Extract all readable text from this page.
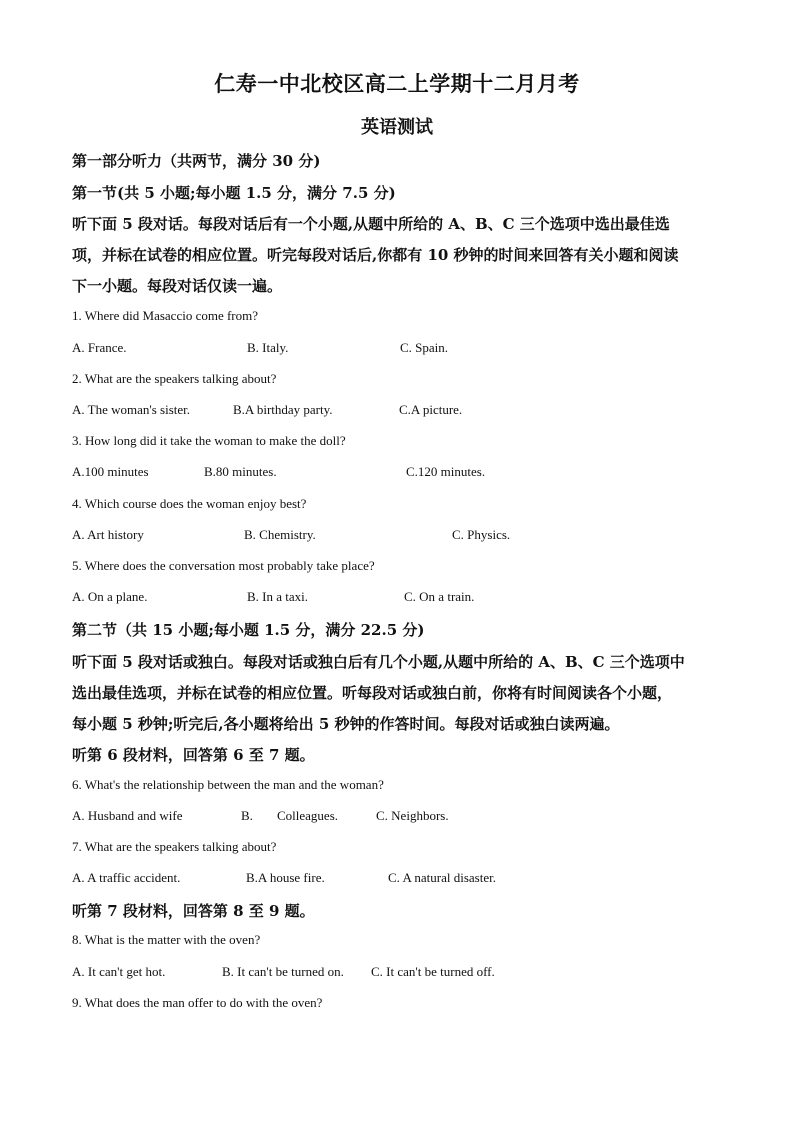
仁寿一中北校区高二上学期十二月月考
英语测试
第一部分听力（共两节，满分 30 分)
第一节(共 5 小题;每小题 1.5 分，满分 7.5 分)
听下面 5 段对话。每段对话后有一个小题,从题中所给的 A、B、C 三个选项中选出最佳选
项，并标在试卷的相应位置。听完每段对话后,你都有 10 秒钟的时间来回答有关小题和阅读
下一小题。每段对话仅读一遍。
1. Where did Masaccio come from?
A. France.	B. Italy.	C. Spain.
2. What are the speakers talking about?
A. The woman's sister.	B.A birthday party.	C.A picture.
3. How long did it take the woman to make the doll?
A.100 minutes	B.80 minutes.	C.120 minutes.
4. Which course does the woman enjoy best?
A. Art history	B. Chemistry.	C. Physics.
5. Where does the conversation most probably take place?
A. On a plane.	B. In a taxi.	C. On a train.
第二节（共 15 小题;每小题 1.5 分，满分 22.5 分)
听下面 5 段对话或独白。每段对话或独白后有几个小题,从题中所给的 A、B、C 三个选项中
选出最佳选项，并标在试卷的相应位置。听每段对话或独白前，你将有时间阅读各个小题，
每小题 5 秒钟;听完后,各小题将给出 5 秒钟的作答时间。每段对话或独白读两遍。
听第 6 段材料，回答第 6 至 7 题。
6. What's the relationship between the man and the woman?
A. Husband and wife	B. Colleagues.	C. Neighbors.
7. What are the speakers talking about?
A. A traffic accident.	B.A house fire.	C. A natural disaster.
听第 7 段材料，回答第 8 至 9 题。
8. What is the matter with the oven?
A. It can't get hot.	B. It can't be turned on. C. It can't be turned off.
9. What does the man offer to do with the oven?
